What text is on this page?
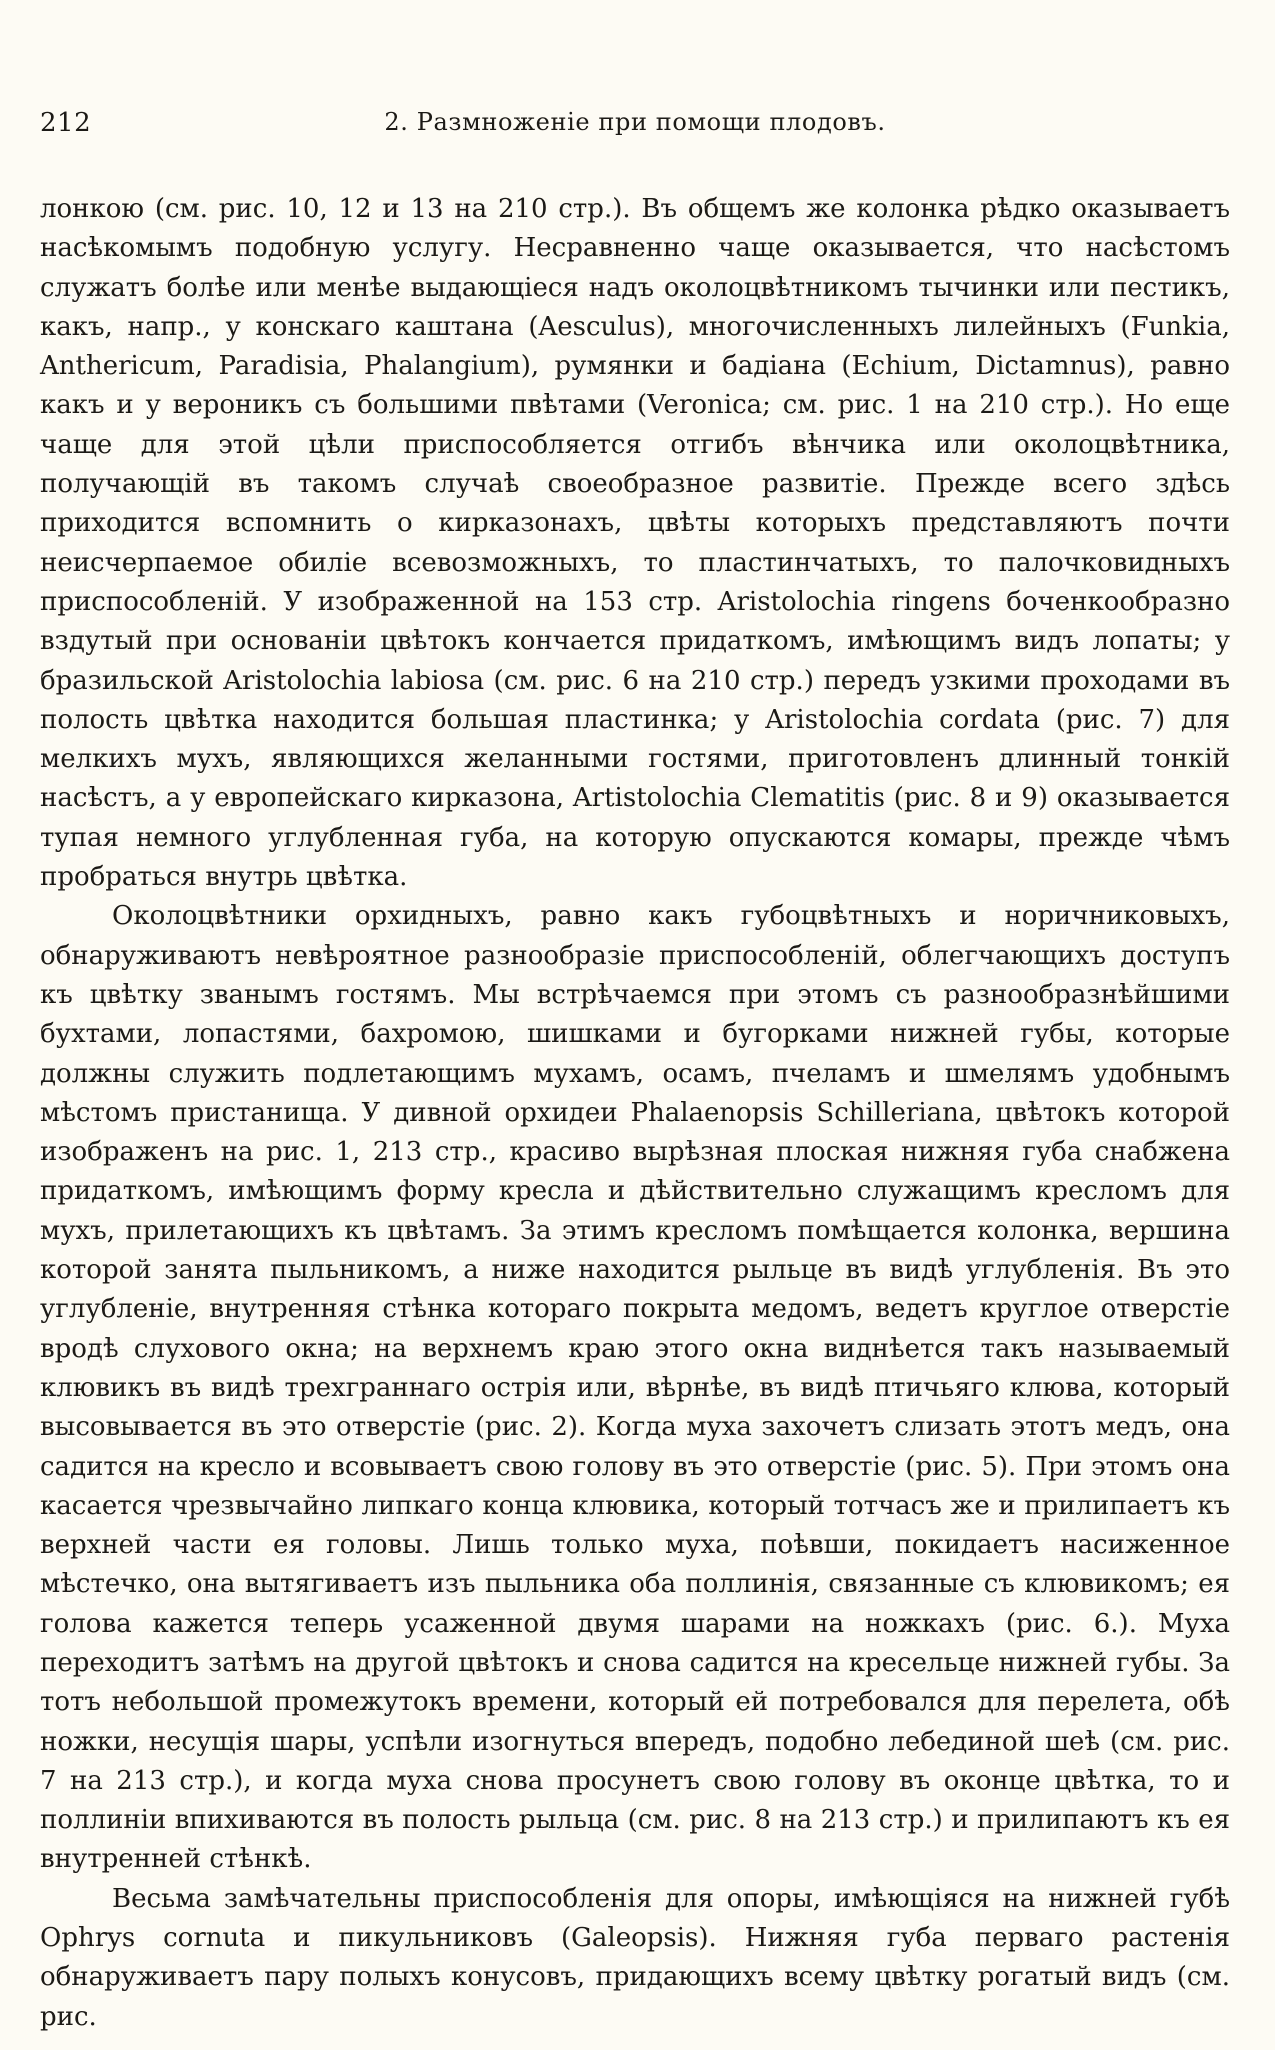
212	2. Размноженіе при помощи плодовъ.

лонкою (см. рис. 10, 12 и 13 на 210 стр.). Въ общемъ же колонка рѣдко оказываетъ насѣкомымъ подобную услугу. Несравненно чаще оказывается, что насѣстомъ служатъ болѣе или менѣе выдающіеся надъ околоцвѣтникомъ тычинки или пестикъ, какъ, напр., у конскаго каштана (Aesculus), многочисленныхъ лилейныхъ (Funkia, Anthericum, Paradisia, Phalangium), румянки и бадіана (Echium, Dictamnus), равно какъ и у вероникъ съ большими пвѣтами (Veronica; см. рис. 1 на 210 стр.). Но еще чаще для этой цѣли приспособляется отгибъ вѣнчика или околоцвѣтника, получающій въ такомъ случаѣ своеобразное развитіе. Прежде всего здѣсь приходится вспомнить о кирказонахъ, цвѣты которыхъ представляютъ почти неисчерпаемое обиліе всевозможныхъ, то пластинчатыхъ, то палочковидныхъ приспособленій. У изображенной на 153 стр. Aristolochia ringens боченкообразно вздутый при основаніи цвѣтокъ кончается придаткомъ, имѣющимъ видъ лопаты; у бразильской Aristolochia labiosa (см. рис. 6 на 210 стр.) передъ узкими проходами въ полость цвѣтка находится большая пластинка; у Aristolochia cordata (рис. 7) для мелкихъ мухъ, являющихся желанными гостями, приготовленъ длинный тонкій насѣстъ, а у европейскаго кирказона, Artistolochia Clematitis (рис. 8 и 9) оказывается тупая немного углубленная губа, на которую опускаются комары, прежде чѣмъ пробраться внутрь цвѣтка.

Околоцвѣтники орхидныхъ, равно какъ губоцвѣтныхъ и норичниковыхъ, обнаруживаютъ невѣроятное разнообразіе приспособленій, облегчающихъ доступъ къ цвѣтку званымъ гостямъ. Мы встрѣчаемся при этомъ съ разнообразнѣйшими бухтами, лопастями, бахромою, шишками и бугорками нижней губы, которые должны служить подлетающимъ мухамъ, осамъ, пчеламъ и шмелямъ удобнымъ мѣстомъ пристанища. У дивной орхидеи Phalaenopsis Schilleriana, цвѣтокъ которой изображенъ на рис. 1, 213 стр., красиво вырѣзная плоская нижняя губа снабжена придаткомъ, имѣющимъ форму кресла и дѣйствительно служащимъ кресломъ для мухъ, прилетающихъ къ цвѣтамъ. За этимъ кресломъ помѣщается колонка, вершина которой занята пыльникомъ, а ниже находится рыльце въ видѣ углубленія. Въ это углубленіе, внутренняя стѣнка котораго покрыта медомъ, ведетъ круглое отверстіе вродѣ слухового окна; на верхнемъ краю этого окна виднѣется такъ называемый клювикъ въ видѣ трехграннаго острія или, вѣрнѣе, въ видѣ птичьяго клюва, который высовывается въ это отверстіе (рис. 2). Когда муха захочетъ слизать этотъ медъ, она садится на кресло и всовываетъ свою голову въ это отверстіе (рис. 5). При этомъ она касается чрезвычайно липкаго конца клювика, который тотчасъ же и прилипаетъ къ верхней части ея головы. Лишь только муха, поѣвши, покидаетъ насиженное мѣстечко, она вытягиваетъ изъ пыльника оба поллинія, связанные съ клювикомъ; ея голова кажется теперь усаженной двумя шарами на ножкахъ (рис. 6.). Муха переходитъ затѣмъ на другой цвѣтокъ и снова садится на кресельце нижней губы. За тотъ небольшой промежутокъ времени, который ей потребовался для перелета, обѣ ножки, несущія шары, успѣли изогнуться впередъ, подобно лебединой шеѣ (см. рис. 7 на 213 стр.), и когда муха снова просунетъ свою голову въ оконце цвѣтка, то и поллиніи впихиваются въ полость рыльца (см. рис. 8 на 213 стр.) и прилипаютъ къ ея внутренней стѣнкѣ.

Весьма замѣчательны приспособленія для опоры, имѣющіяся на нижней губѣ Ophrys cornuta и пикульниковъ (Galeopsis). Нижняя губа перваго растенія обнаруживаетъ пару полыхъ конусовъ, придающихъ всему цвѣтку рогатый видъ (см. рис.
